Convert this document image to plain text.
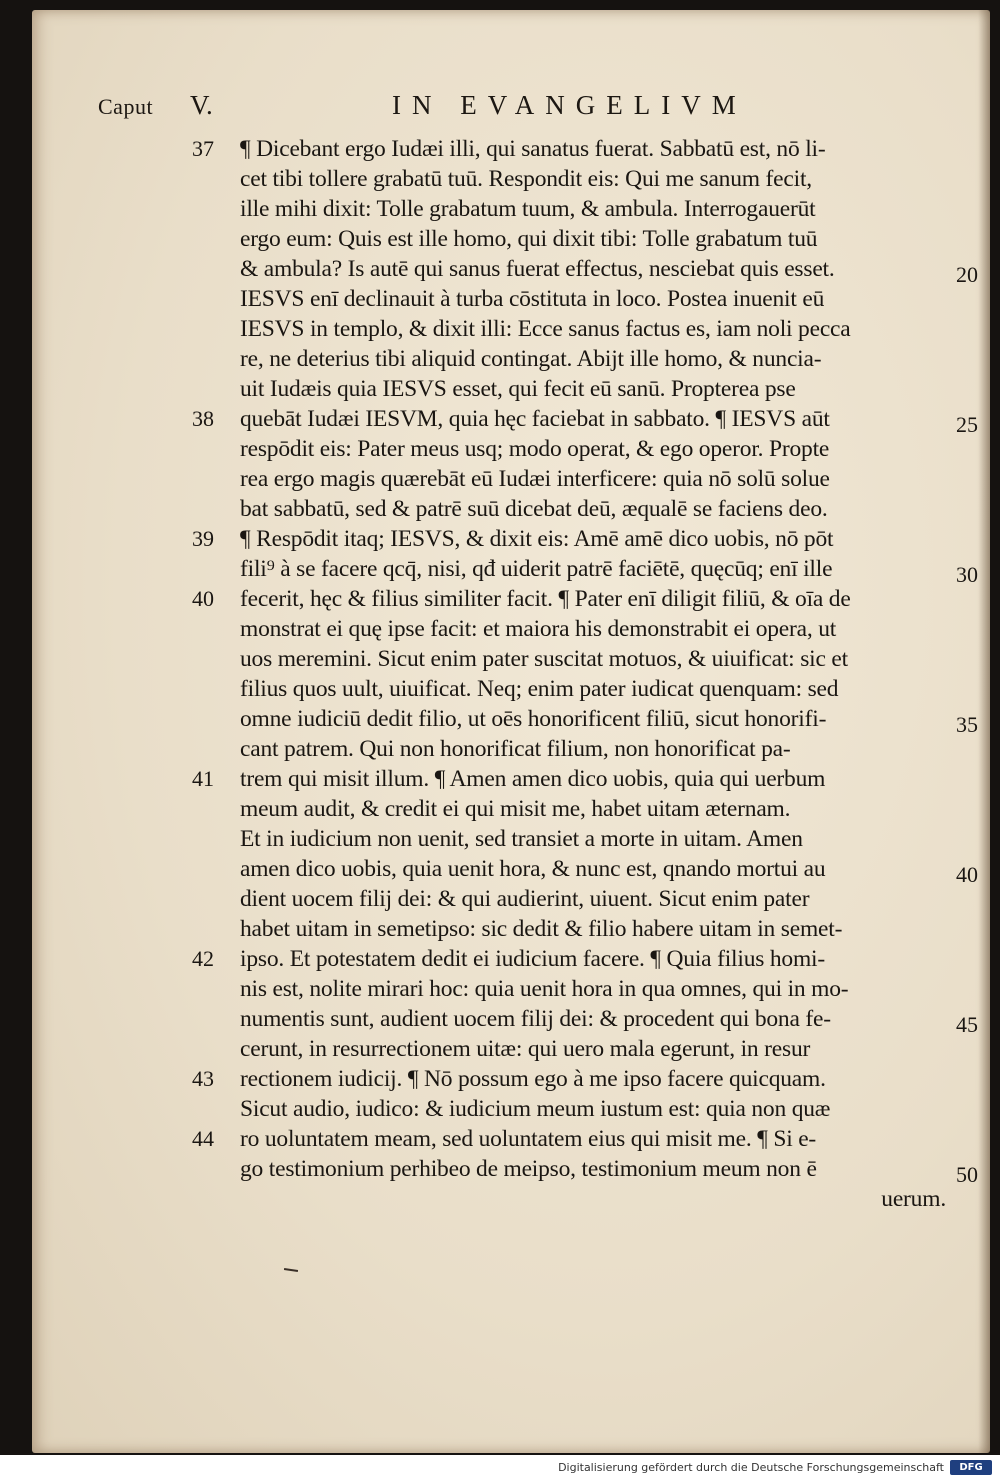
Caput V.	IN EVANGELIVM
¶ Dicebant ergo Iudæi illi, qui sanatus fuerat. Sabbatū est, nō li-
cet tibi tollere grabatū tuū. Respondit eis: Qui me sanum fecit,
ille mihi dixit: Tolle grabatum tuum, & ambula. Interrogauerūt
ergo eum: Quis est ille homo, qui dixit tibi: Tolle grabatum tuū
& ambula? Is autē qui sanus fuerat effectus, nesciebat quis esset.
IESVS enī declinauit à turba cōstituta in loco. Postea inuenit eū
IESVS in templo, & dixit illi: Ecce sanus factus es, iam noli pecca
re, ne deterius tibi aliquid contingat. Abijt ille homo, & nuncia-
uit Iudæis quia IESVS esset, qui fecit eū sanū. Propterea pse
quebāt Iudæi IESVM, quia hęc faciebat in sabbato. ¶ IESVS aūt
respōdit eis: Pater meus usq; modo operat, & ego operor. Propte
rea ergo magis quærebāt eū Iudæi interficere: quia nō solū solue
bat sabbatū, sed & patrē suū dicebat deū, æqualē se faciens deo.
¶ Respōdit itaq; IESVS, & dixit eis: Amē amē dico uobis, nō pōt
fili⁹ à se facere qcq̄, nisi, qđ uiderit patrē faciētē, quęcūq; enī ille
fecerit, hęc & filius similiter facit. ¶ Pater enī diligit filiū, & oīa de
monstrat ei quę ipse facit: et maiora his demonstrabit ei opera, ut
uos meremini. Sicut enim pater suscitat motuos, & uiuificat: sic et
filius quos uult, uiuificat. Neq; enim pater iudicat quenquam: sed
omne iudiciū dedit filio, ut oēs honorificent filiū, sicut honorifi-
cant patrem. Qui non honorificat filium, non honorificat pa-
trem qui misit illum. ¶ Amen amen dico uobis, quia qui uerbum
meum audit, & credit ei qui misit me, habet uitam æternam.
Et in iudicium non uenit, sed transiet a morte in uitam. Amen
amen dico uobis, quia uenit hora, & nunc est, qnando mortui au
dient uocem filij dei: & qui audierint, uiuent. Sicut enim pater
habet uitam in semetipso: sic dedit & filio habere uitam in semet-
ipso. Et potestatem dedit ei iudicium facere. ¶ Quia filius homi-
nis est, nolite mirari hoc: quia uenit hora in qua omnes, qui in mo-
numentis sunt, audient uocem filij dei: & procedent qui bona fe-
cerunt, in resurrectionem uitæ: qui uero mala egerunt, in resur
rectionem iudicij. ¶ Nō possum ego à me ipso facere quicquam.
Sicut audio, iudico: & iudicium meum iustum est: quia non quæ
ro uoluntatem meam, sed uoluntatem eius qui misit me. ¶ Si e-
go testimonium perhibeo de meipso, testimonium meum non ē
uerum.
37
38
39
40
41
42
43
44
20
25
30
35
40
45
50
Digitalisierung gefördert durch die Deutsche Forschungsgemeinschaft	DFG
